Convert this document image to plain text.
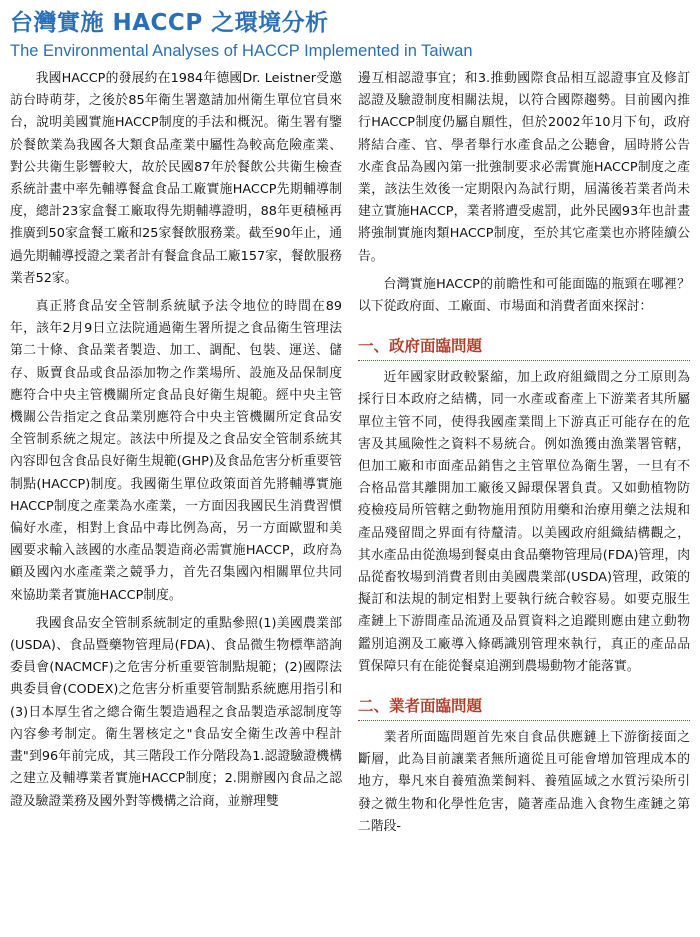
台灣實施 HACCP 之環境分析
The Environmental Analyses of HACCP Implemented in Taiwan

我國HACCP的發展約在1984年德國Dr. Leistner受邀訪台時萌芽，之後於85年衛生署邀請加州衛生單位官員來台，說明美國實施HACCP制度的手法和概況。衛生署有鑒於餐飲業為我國各大類食品產業中屬性為較高危險產業、對公共衛生影響較大，故於民國87年於餐飲公共衛生檢查系統計畫中率先輔導餐盒食品工廠實施HACCP先期輔導制度，總計23家盒餐工廠取得先期輔導證明，88年更積極再推廣到50家盒餐工廠和25家餐飲服務業。截至90年止，通過先期輔導授證之業者計有餐盒食品工廠157家，餐飲服務業者52家。

真正將食品安全管制系統賦予法令地位的時間在89年，該年2月9日立法院通過衛生署所提之食品衛生管理法第二十條、食品業者製造、加工、調配、包裝、運送、儲存、販賣食品或食品添加物之作業場所、設施及品保制度應符合中央主管機關所定食品良好衛生規範。經中央主管機關公告指定之食品業別應符合中央主管機關所定食品安全管制系統之規定。該法中所提及之食品安全管制系統其內容即包含食品良好衛生規範(GHP)及食品危害分析重要管制點(HACCP)制度。我國衛生單位政策面首先將輔導實施HACCP制度之產業為水產業，一方面因我國民生消費習慣偏好水產，相對上食品中毒比例為高，另一方面歐盟和美國要求輸入該國的水產品製造商必需實施HACCP，政府為顧及國內水產產業之競爭力，首先召集國內相關單位共同來協助業者實施HACCP制度。

我國食品安全管制系統制定的重點參照(1)美國農業部(USDA)、食品暨藥物管理局(FDA)、食品微生物標準諮詢委員會(NACMCF)之危害分析重要管制點規範；(2)國際法典委員會(CODEX)之危害分析重要管制點系統應用指引和(3)日本厚生省之總合衛生製造過程之食品製造承認制度等內容參考制定。衛生署核定之"食品安全衛生改善中程計畫"到96年前完成，其三階段工作分階段為1.認證驗證機構之建立及輔導業者實施HACCP制度；2.開辦國內食品之認證及驗證業務及國外對等機構之洽商，並辦理雙

邊互相認證事宜；和3.推動國際食品相互認證事宜及修訂認證及驗證制度相關法規，以符合國際趨勢。目前國內推行HACCP制度仍屬自願性，但於2002年10月下旬，政府將結合產、官、學者舉行水產食品之公聽會，屆時將公告水產食品為國內第一批強制要求必需實施HACCP制度之產業，該法生效後一定期限內為試行期，屆滿後若業者尚未建立實施HACCP，業者將遭受處罰，此外民國93年也計畫將強制實施肉類HACCP制度，至於其它產業也亦將陸續公告。

台灣實施HACCP的前瞻性和可能面臨的瓶頸在哪裡？以下從政府面、工廠面、市場面和消費者面來探討：

一、政府面臨問題

近年國家財政較緊縮，加上政府組織間之分工原則為採行日本政府之結構，同一水產或畜產上下游業者其所屬單位主管不同，使得我國產業間上下游真正可能存在的危害及其風險性之資料不易統合。例如漁獲由漁業署管轄，但加工廠和市面產品銷售之主管單位為衛生署，一旦有不合格品當其離開加工廠後又歸環保署負責。又如動植物防疫檢疫局所管轄之動物施用預防用藥和治療用藥之法規和產品殘留間之界面有待釐清。以美國政府組織結構觀之，其水產品由從漁場到餐桌由食品藥物管理局(FDA)管理，肉品從畜牧場到消費者則由美國農業部(USDA)管理，政策的擬訂和法規的制定相對上要執行統合較容易。如要克服生產鏈上下游間產品流通及品質資料之追蹤則應由建立動物鑑別追溯及工廠導入條碼識別管理來執行，真正的產品品質保障只有在能從餐桌追溯到農場動物才能落實。

二、業者面臨問題

業者所面臨問題首先來自食品供應鏈上下游銜接面之斷層，此為目前讓業者無所適從且可能會增加管理成本的地方，舉凡來自養殖漁業飼料、養殖區域之水質污染所引發之微生物和化學性危害，隨著產品進入食物生產鏈之第二階段-
